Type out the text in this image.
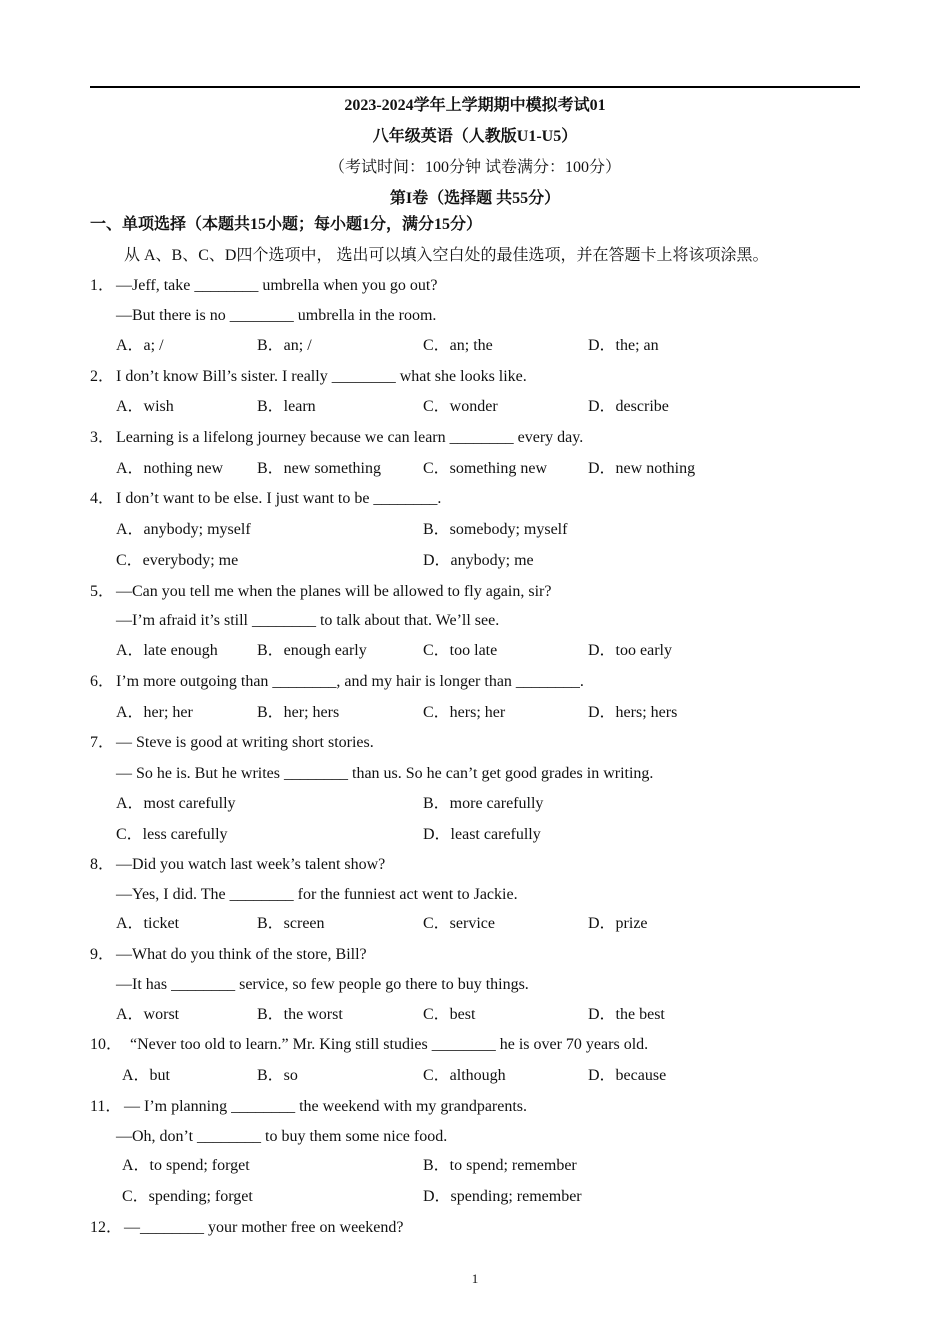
2023-2024学年上学期期中模拟考试01
八年级英语（人教版U1-U5）
（考试时间：100分钟 试卷满分：100分）
第I卷（选择题 共55分）
一、单项选择（本题共15小题；每小题1分，满分15分）
从 A、B、C、D四个选项中， 选出可以填入空白处的最佳选项，并在答题卡上将该项涂黑。
1． —Jeff, take ________ umbrella when you go out?
—But there is no ________ umbrella in the room.
A．a; /	B．an; /	C．an; the	D．the; an
2． I don’t know Bill’s sister. I really ________ what she looks like.
A．wish	B．learn	C．wonder	D．describe
3． Learning is a lifelong journey because we can learn ________ every day.
A．nothing new B．new something	C．something new	D．new nothing
4． I don’t want to be else. I just want to be ________.
A．anybody; myself	B．somebody; myself
C．everybody; me	D．anybody; me
5． —Can you tell me when the planes will be allowed to fly again, sir?
—I’m afraid it’s still ________ to talk about that. We’ll see.
A．late enough B．enough early	C．too late	D．too early
6． I’m more outgoing than ________, and my hair is longer than ________.
A．her; her	B．her; hers	C．hers; her	D．hers; hers
7． — Steve is good at writing short stories.
— So he is. But he writes ________ than us. So he can’t get good grades in writing.
A．most carefully	B．more carefully
C．less carefully	D．least carefully
8． —Did you watch last week’s talent show?
—Yes, I did. The ________ for the funniest act went to Jackie.
A．ticket	B．screen	C．service	D．prize
9． —What do you think of the store, Bill?
—It has ________ service, so few people go there to buy things.
A．worst	B．the worst	C．best	D．the best
10． “Never too old to learn.” Mr. King still studies ________ he is over 70 years old.
A．but	B．so	C．although	D．because
11． — I’m planning ________ the weekend with my grandparents.
—Oh, don’t ________ to buy them some nice food.
A．to spend; forget	B．to spend; remember
C．spending; forget	D．spending; remember
12． —________ your mother free on weekend?
1
